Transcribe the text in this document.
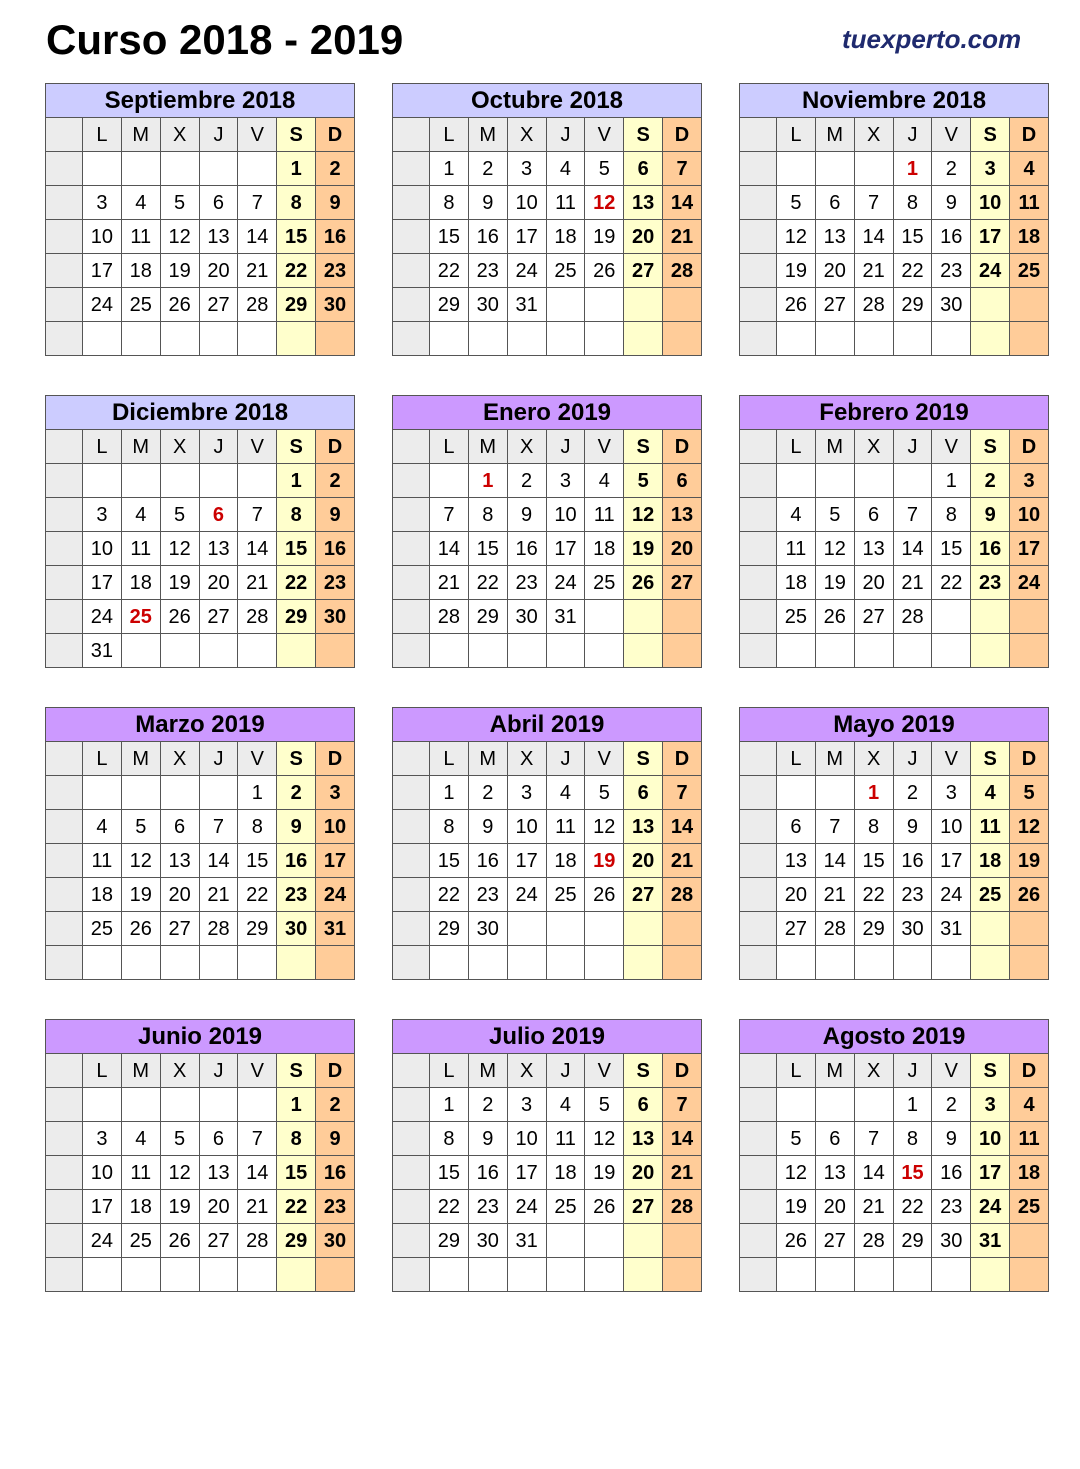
Curso 2018 - 2019	tuexperto.com
Septiembre 2018
	L	M	X	J	V	S	D
						1	2
	3	4	5	6	7	8	9
	10	11	12	13	14	15	16
	17	18	19	20	21	22	23
	24	25	26	27	28	29	30

Octubre 2018
	L	M	X	J	V	S	D
	1	2	3	4	5	6	7
	8	9	10	11	12	13	14
	15	16	17	18	19	20	21
	22	23	24	25	26	27	28
	29	30	31				

Noviembre 2018
	L	M	X	J	V	S	D
				1	2	3	4
	5	6	7	8	9	10	11
	12	13	14	15	16	17	18
	19	20	21	22	23	24	25
	26	27	28	29	30		

Diciembre 2018
	L	M	X	J	V	S	D
						1	2
	3	4	5	6	7	8	9
	10	11	12	13	14	15	16
	17	18	19	20	21	22	23
	24	25	26	27	28	29	30
	31						
Enero 2019
	L	M	X	J	V	S	D
		1	2	3	4	5	6
	7	8	9	10	11	12	13
	14	15	16	17	18	19	20
	21	22	23	24	25	26	27
	28	29	30	31			

Febrero 2019
	L	M	X	J	V	S	D
					1	2	3
	4	5	6	7	8	9	10
	11	12	13	14	15	16	17
	18	19	20	21	22	23	24
	25	26	27	28			

Marzo 2019
	L	M	X	J	V	S	D
					1	2	3
	4	5	6	7	8	9	10
	11	12	13	14	15	16	17
	18	19	20	21	22	23	24
	25	26	27	28	29	30	31

Abril 2019
	L	M	X	J	V	S	D
	1	2	3	4	5	6	7
	8	9	10	11	12	13	14
	15	16	17	18	19	20	21
	22	23	24	25	26	27	28
	29	30					

Mayo 2019
	L	M	X	J	V	S	D
			1	2	3	4	5
	6	7	8	9	10	11	12
	13	14	15	16	17	18	19
	20	21	22	23	24	25	26
	27	28	29	30	31		

Junio 2019
	L	M	X	J	V	S	D
						1	2
	3	4	5	6	7	8	9
	10	11	12	13	14	15	16
	17	18	19	20	21	22	23
	24	25	26	27	28	29	30

Julio 2019
	L	M	X	J	V	S	D
	1	2	3	4	5	6	7
	8	9	10	11	12	13	14
	15	16	17	18	19	20	21
	22	23	24	25	26	27	28
	29	30	31				

Agosto 2019
	L	M	X	J	V	S	D
				1	2	3	4
	5	6	7	8	9	10	11
	12	13	14	15	16	17	18
	19	20	21	22	23	24	25
	26	27	28	29	30	31	
